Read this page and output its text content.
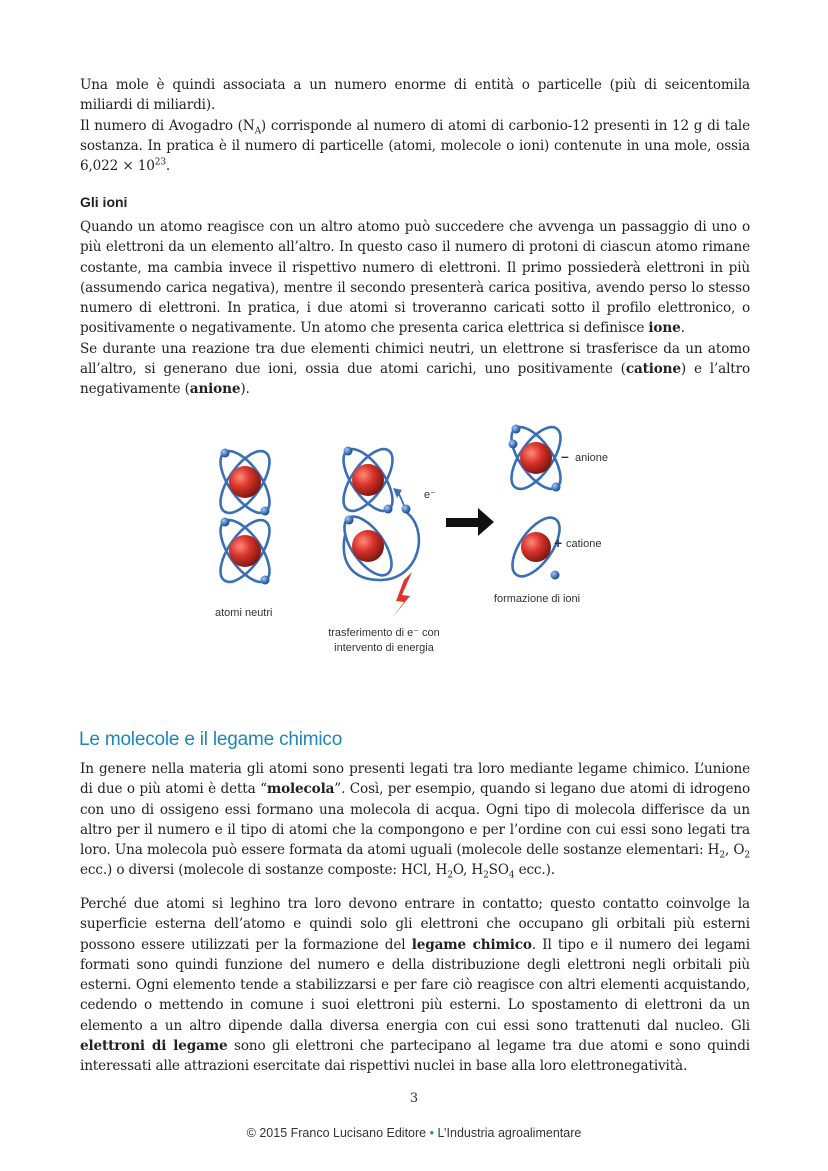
Una mole è quindi associata a un numero enorme di entità o particelle (più di seicentomila miliardi di miliardi).

Il numero di Avogadro $(N_A)$ corrisponde al numero di atomi di carbonio-12 presenti in 12 g di tale sostanza. In pratica è il numero di particelle (atomi, molecole o ioni) contenute in una mole, ossia $6,022 \times 10^{23}$.

Gli ioni

Quando un atomo reagisce con un altro atomo può succedere che avvenga un passaggio di uno o più elettroni da un elemento all’altro. In questo caso il numero di protoni di ciascun atomo rimane costante, ma cambia invece il rispettivo numero di elettroni. Il primo possiederà elettroni in più (assumendo carica negativa), mentre il secondo presenterà carica positiva, avendo perso lo stesso numero di elettroni. In pratica, i due atomi si troveranno caricati sotto il profilo elettronico, o positivamente o negativamente. Un atomo che presenta carica elettrica si definisce ione.

Se durante una reazione tra due elementi chimici neutri, un elettrone si trasferisce da un atomo all’altro, si generano due ioni, ossia due atomi carichi, uno positivamente (catione) e l’altro negativamente (anione).

e⁻
– anione
+ catione
atomi neutri
trasferimento di e⁻ con
intervento di energia
formazione di ioni
Le molecole e il legame chimico

In genere nella materia gli atomi sono presenti legati tra loro mediante legame chimico. L’unione di due o più atomi è detta “molecola”. Così, per esempio, quando si legano due atomi di idrogeno con uno di ossigeno essi formano una molecola di acqua. Ogni tipo di molecola differisce da un altro per il numero e il tipo di atomi che la compongono e per l’ordine con cui essi sono legati tra loro. Una molecola può essere formata da atomi uguali (molecole delle sostanze elementari: $H_2$, $O_2$ ecc.) o diversi (molecole di sostanze composte: HCl, $H_2O$, $H_2SO_4$ ecc.).

Perché due atomi si leghino tra loro devono entrare in contatto; questo contatto coinvolge la superficie esterna dell’atomo e quindi solo gli elettroni che occupano gli orbitali più esterni possono essere utilizzati per la formazione del legame chimico. Il tipo e il numero dei legami formati sono quindi funzione del numero e della distribuzione degli elettroni negli orbitali più esterni. Ogni elemento tende a stabilizzarsi e per fare ciò reagisce con altri elementi acquistando, cedendo o mettendo in comune i suoi elettroni più esterni. Lo spostamento di elettroni da un elemento a un altro dipende dalla diversa energia con cui essi sono trattenuti dal nucleo. Gli elettroni di legame sono gli elettroni che partecipano al legame tra due atomi e sono quindi interessati alle attrazioni esercitate dai rispettivi nuclei in base alla loro elettronegatività.

3
© 2015 Franco Lucisano Editore • L’Industria agroalimentare
